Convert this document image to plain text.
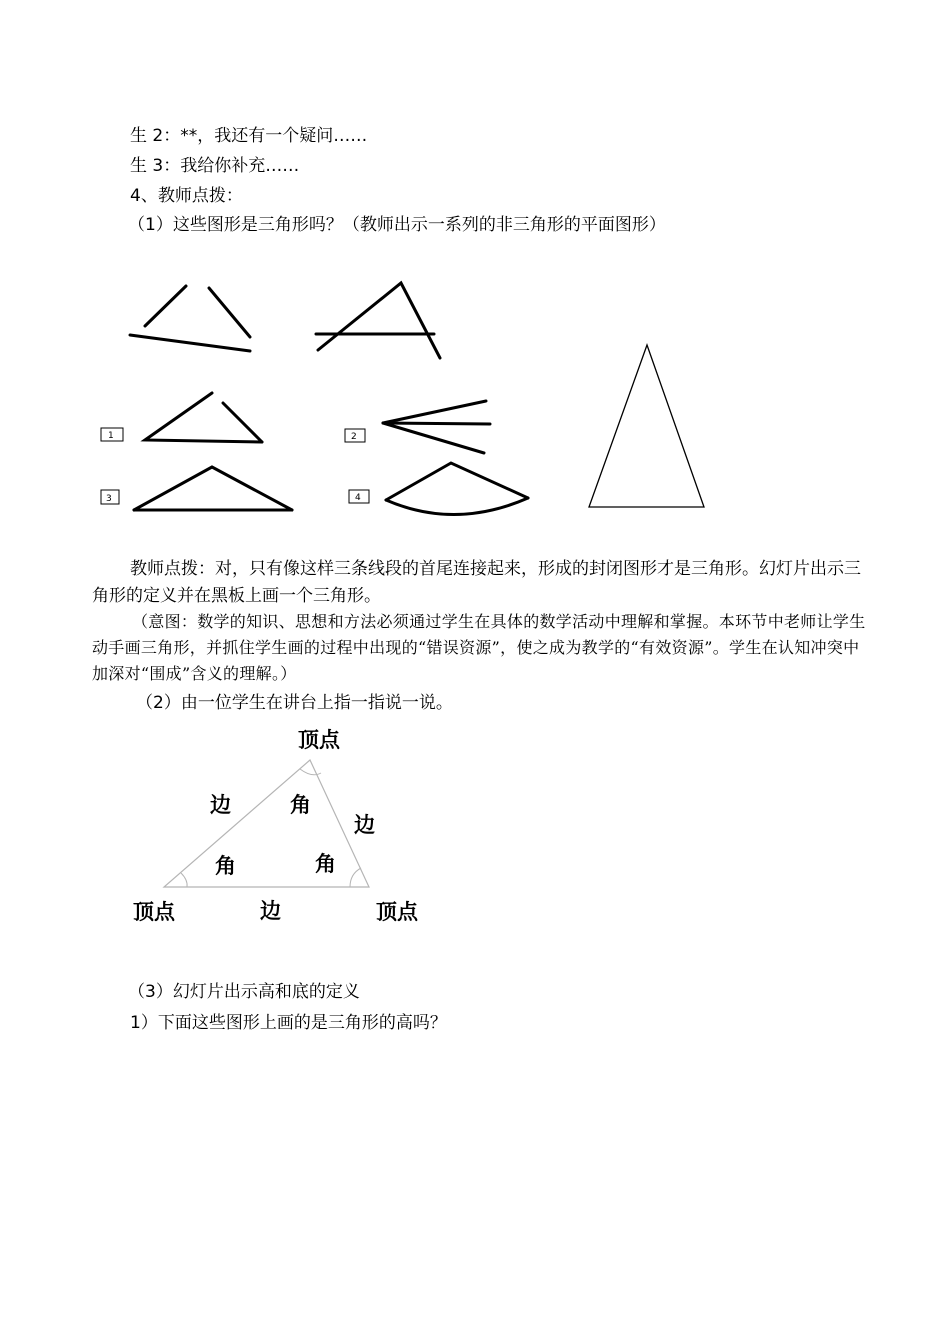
生 2：**，我还有一个疑问……
生 3：我给你补充……
4、教师点拨：
（1）这些图形是三角形吗？（教师出示一系列的非三角形的平面图形）
1	2
3	4
教师点拨：对，只有像这样三条线段的首尾连接起来，形成的封闭图形才是三角形。幻灯片出示三角形的定义并在黑板上画一个三角形。
（意图：数学的知识、思想和方法必须通过学生在具体的数学活动中理解和掌握。本环节中老师让学生动手画三角形，并抓住学生画的过程中出现的“错误资源”，使之成为教学的“有效资源”。学生在认知冲突中加深对“围成”含义的理解。）
（2）由一位学生在讲台上指一指说一说。
顶点
边	角
边
角	角
顶点	边	顶点
（3）幻灯片出示高和底的定义
1）下面这些图形上画的是三角形的高吗？
